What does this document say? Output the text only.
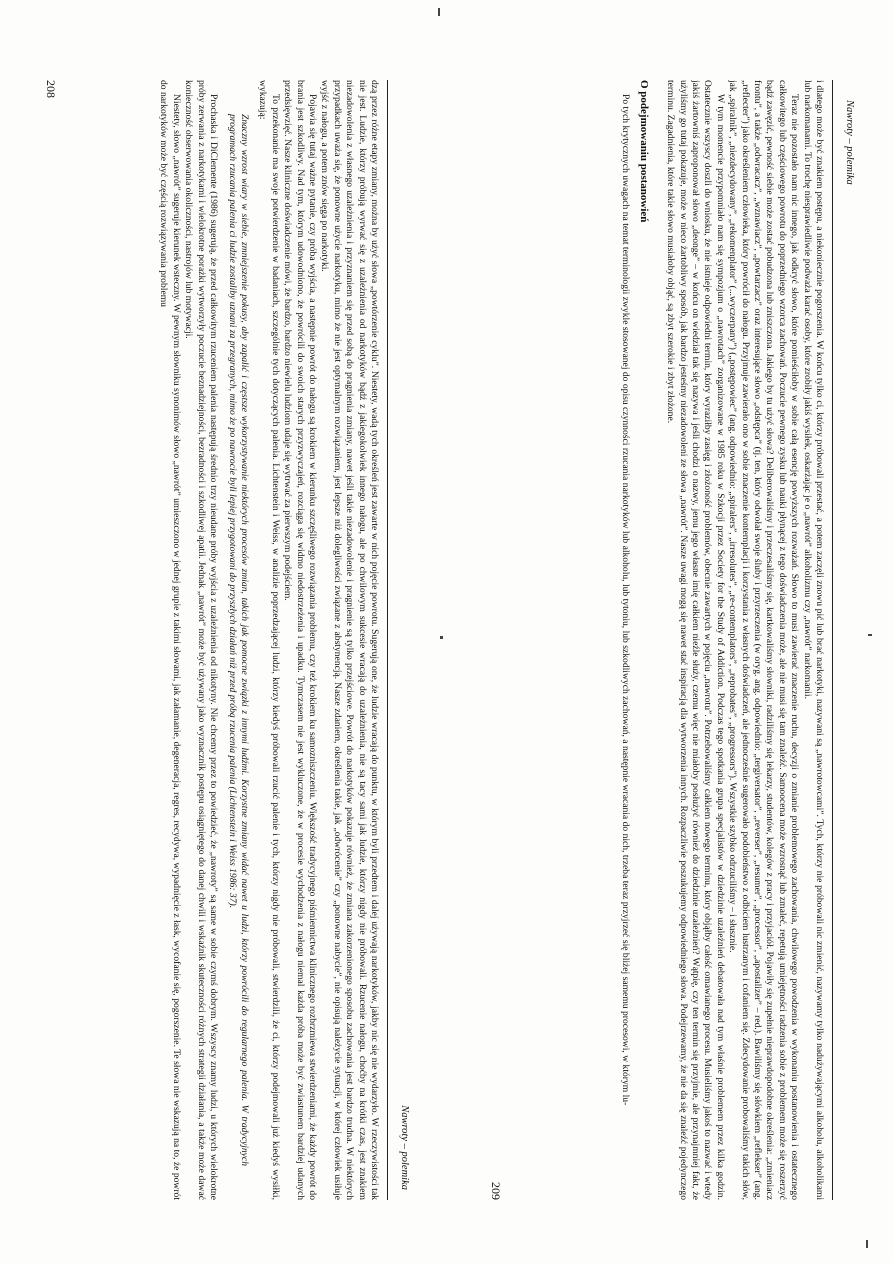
Nawroty – polemika

dzą przez różne etapy zmiany, można by użyć słowa „powtórzenie cyklu”. Niestety, wadą tych określeń jest zawarte w nich pojęcie powrotu. Sugerują one, że ludzie wracają do punktu, w którym byli przedtem i dalej używają narkotyków, jakby nic się nie wydarzyło. W rzeczywistości tak nie jest. Ludzie, którzy próbują wyrwać się z uzależnienia od narkotyków bądź z jakiegokolwiek innego nałogu, ale po chwilowym sukcesie wracają do uzależnienia, nie są tacy sami jak ludzie, którzy nigdy nie próbowali. Rzucenie nałogu, choćby na krótki czas, jest znakiem niezadowolenia z własnego uzależnienia i przyznaniem się przed sobą do pragnienia zmiany, nawet jeśli takie niezadowolenie i pragnienie są tylko przejściowe. Powrót do narkotyków pokazuje również, że zmiana zakorzenionego sposobu zachowania jest bardzo trudna. W niektórych przypadkach uważa się, że ponowne użycie narkotyku, mimo że nie jest optymalnym rozwiązaniem, jest lepsze niż dolegliwości związane z abstynencją. Nasze zdaniem, określenia takie, jak „odwrócenie” czy „ponowne nabycie”, nie opisują należycie sytuacji, w której człowiek usiłuje wyjść z nałogu, a potem znów sięga po narkotyki.

Pojawia się tutaj ważne pytanie, czy próba wyjścia, a następnie powrót do nałogu są krokiem w kierunku szczęśliwego rozwiązania problemu, czy też krokiem ku samozniszczeniu. Większość tradycyjnego piśmiennictwa klinicznego rozbrzmiewa stwierdzeniami, że każdy powrót do brania jest szkodliwy. Nad tym, którym udowodniono, że powrócili do swoich starych przyzwyczajeń, rozciąga się widmo niedostrzeżenia i upadku. Tymczasem nie jest wykluczone, że w procesie wychodzenia z nałogu niemal każda próba może być zwiastunem bardziej udanych przedsięwzięć. Nasze kliniczne doświadczenie mówi, że bardzo, bardzo niewielu ludziom udaje się wytrwać za pierwszym podejściem.

To przekonanie ma swoje potwierdzenie w badaniach, szczególnie tych dotyczących palenia. Lichtenstein i Weiss, w analizie poprzedzającej ludzi, którzy kiedyś próbowali rzucić palenie i tych, którzy nigdy nie próbowali, stwierdzili, że ci, którzy podejmowali już kiedyś wysiłki, wykazują:

Znaczny wzrost wiary w siebie, zmniejszenie pokusy, aby zapalić i częstsze wykorzystywanie niektórych procesów zmian, takich jak pomocne związki z innymi ludźmi. Korzystne zmiany widać nawet u ludzi, którzy powrócili do regularnego palenia. W tradycyjnych programach rzucania palenia ci ludzie zostaliby uznani za przegranych, mimo że po nawrocie byli lepiej przygotowani do przyszłych działań niż przed próbą rzucenia palenia (Lichtenstein i Weiss 1986: 37).

Prochaska i DiClemente (1986) sugerują, że przed całkowitym rzuceniem palenia następują średnio trzy nieudane próby wyjścia z uzależnienia od nikotyny. Nie chcemy przez to powiedzieć, że „nawroty” są same w sobie czymś dobrym. Wszyscy znamy ludzi, u których wielokrotne próby zerwania z narkotykami i wielokrotne porażki wytworzyły poczucie beznadziejności, bezradności i szkodliwej apatii. Jednak „nawrót” może być używany jako wyznacznik postępu osiągniętego do danej chwili i wskaźnik skuteczności różnych strategii działania, a także może dawać konieczność obserwowania okoliczności, nastrojów lub motywacji.

Niestety, słowo „nawrót” sugeruje kierunek wsteczny. W pewnym słowniku synonimów słowo „nawrót” umieszczono w jednej grupie z takimi słowami, jak załamanie, degeneracja, regres, recydywa, wypadnięcie z łask, wycofanie się, pogorszenie. Te słowa nie wskazują na to, że powrót do narkotyków może być częścią rozwiązywania problemu

208
Nawroty – polemika

i dlatego może być znakiem postępu, a niekoniecznie pogorszenia. W końcu tylko ci, którzy próbowali przestać, a potem zaczęli znowu pić lub brać narkotyki, nazywani są „nawrotowcami”. Tych, którzy nie próbowali nic zmienić, nazywamy tylko nadużywającymi alkoholu, alkoholikami lub narkomanami. To trochę niesprawiedliwie podważa karać osoby, które zrobiły jakiś wysiłek, oskarżając je o „nawrót” alkoholizmu czy „nawrót” narkomanii.

Teraz nie pozostało nam nic innego, jak odkryć słowo, które pomieściłoby w sobie całą esencję powyższych rozważań. Słowo to musi zawierać znaczenie ruchu, decyzji o zmianie problemowego zachowania, chwilowego powodzenia w wykonaniu postanowienia i ostatecznego całkowitego lub częściowego powrotu do poprzedniego wzorca zachowań. Poczucie pewnego zysku lub nauki płynącej z tego doświadczenia może, ale nie musi się tam znaleźć. Samoocena może wzrosnąć lub zmaleć, repetują umiejętności radzenia sobie z problemem może się roszerzyć bądź zawęzić, pewność siebie może zostać pobudzona lub zniszczona. Jakiego by tu użyć słowa? Deliberowaliśmy i przeczesaliśmy się, kartkowaliśmy słowniki, radziliśmy się lekarzy, studentów, kolegów z pracy i przyjaciół. Pojawiły się zupełnie nieprawdopodobne określenia: „zmieniacz frontu”, a także „odwracacz”, „wznawiacz”, „powtarzacz” oraz interesujące słowo „odstępca” (tj. ten, który odwołał swoje śluby i przyrzeczenia (w oryg. ang. odpowiednio: „tergiversator”, „reverser”, „resumer”, „processor”, „apostalizer” – red.). Bawiliśmy się słówkiem „reflekser” (ang. „reflecter”) jako określeniem człowieka, który powrócił do nałogu. Przyjmuje zawierało ono w sobie znaczenie kontemplacji i korzystania z własnych doświadczeń, ale jednocześnie sugerowało podobieństwo z odbiciem lustrzanym i cofaniem się. Zdecydowanie probowaliśmy takich słów, jak „spiralnik”, „niezdecydowany”, „rekomenplator” (...wyczerpany”) („postępowiec” (ang. odpowiednio: „spiralers”, „irresolutes”, „re-contemplators”, „reprobates”, „progressors”). Wszystkie szybko odrzuciliśmy – i słusznie.

W tym momencie przypomniało nam się sympozjum o „nawrotach” zorganizowane w 1985 roku w Szkocji przez Society for the Study of Addiction. Podczas tego spotkania grupa specjalistów w dziedzinie uzależnień debatowała nad tym właśnie problemem przez kilka godzin. Ostatecznie wszyscy doszli do wniosku, że nie istnieje odpowiedni termin, który wyraziłby zasięg i złożoność problemów, obecnie zawartych w pojęciu „nawrotu”. Potrzebowaliśmy całkiem nowego terminu, który objąłby całość omawianego procesu. Musieliśmy jakoś to nazwać i wtedy jakiś żartowniś zaproponował słowo „deonge” – w końcu on wiedział tak się nazywa i jeśli chodzi o nazwy, jemu jego własne imię całkiem nieźle służy, czemu więc nie miałoby posłużyć również do dziedzinie uzależnień? Wątpię, czy ten termin się przyjmie, ale przynajmniej fakt, że użyliśmy go tutaj pokazuje, może w nieco żartobliwy sposób, jak bardzo jesteśmy niezadowoleni ze słowa „nawrót”. Nasze uwagi mogą się nawet stać inspiracją dla wytworzenia innych. Rozpaczliwie poszukujemy odpowiedniego słowa. Podejrzewamy, że nie da się znaleźć pojedynczego terminu. Zagadnienia, które takie słowo musiałoby objąć, są zbyt szerokie i zbyt złożone.

O podejmowaniu postanowień

Po tych krytycznych uwagach na temat terminologii zwykle stosowanej do opisu czynności rzucania narkotyków lub alkoholu, lub tytoniu, lub szkodliwych zachowań, a następnie wracania do nich, trzeba teraz przyjrzeć się bliżej samemu procesowi, w którym lu-

209
